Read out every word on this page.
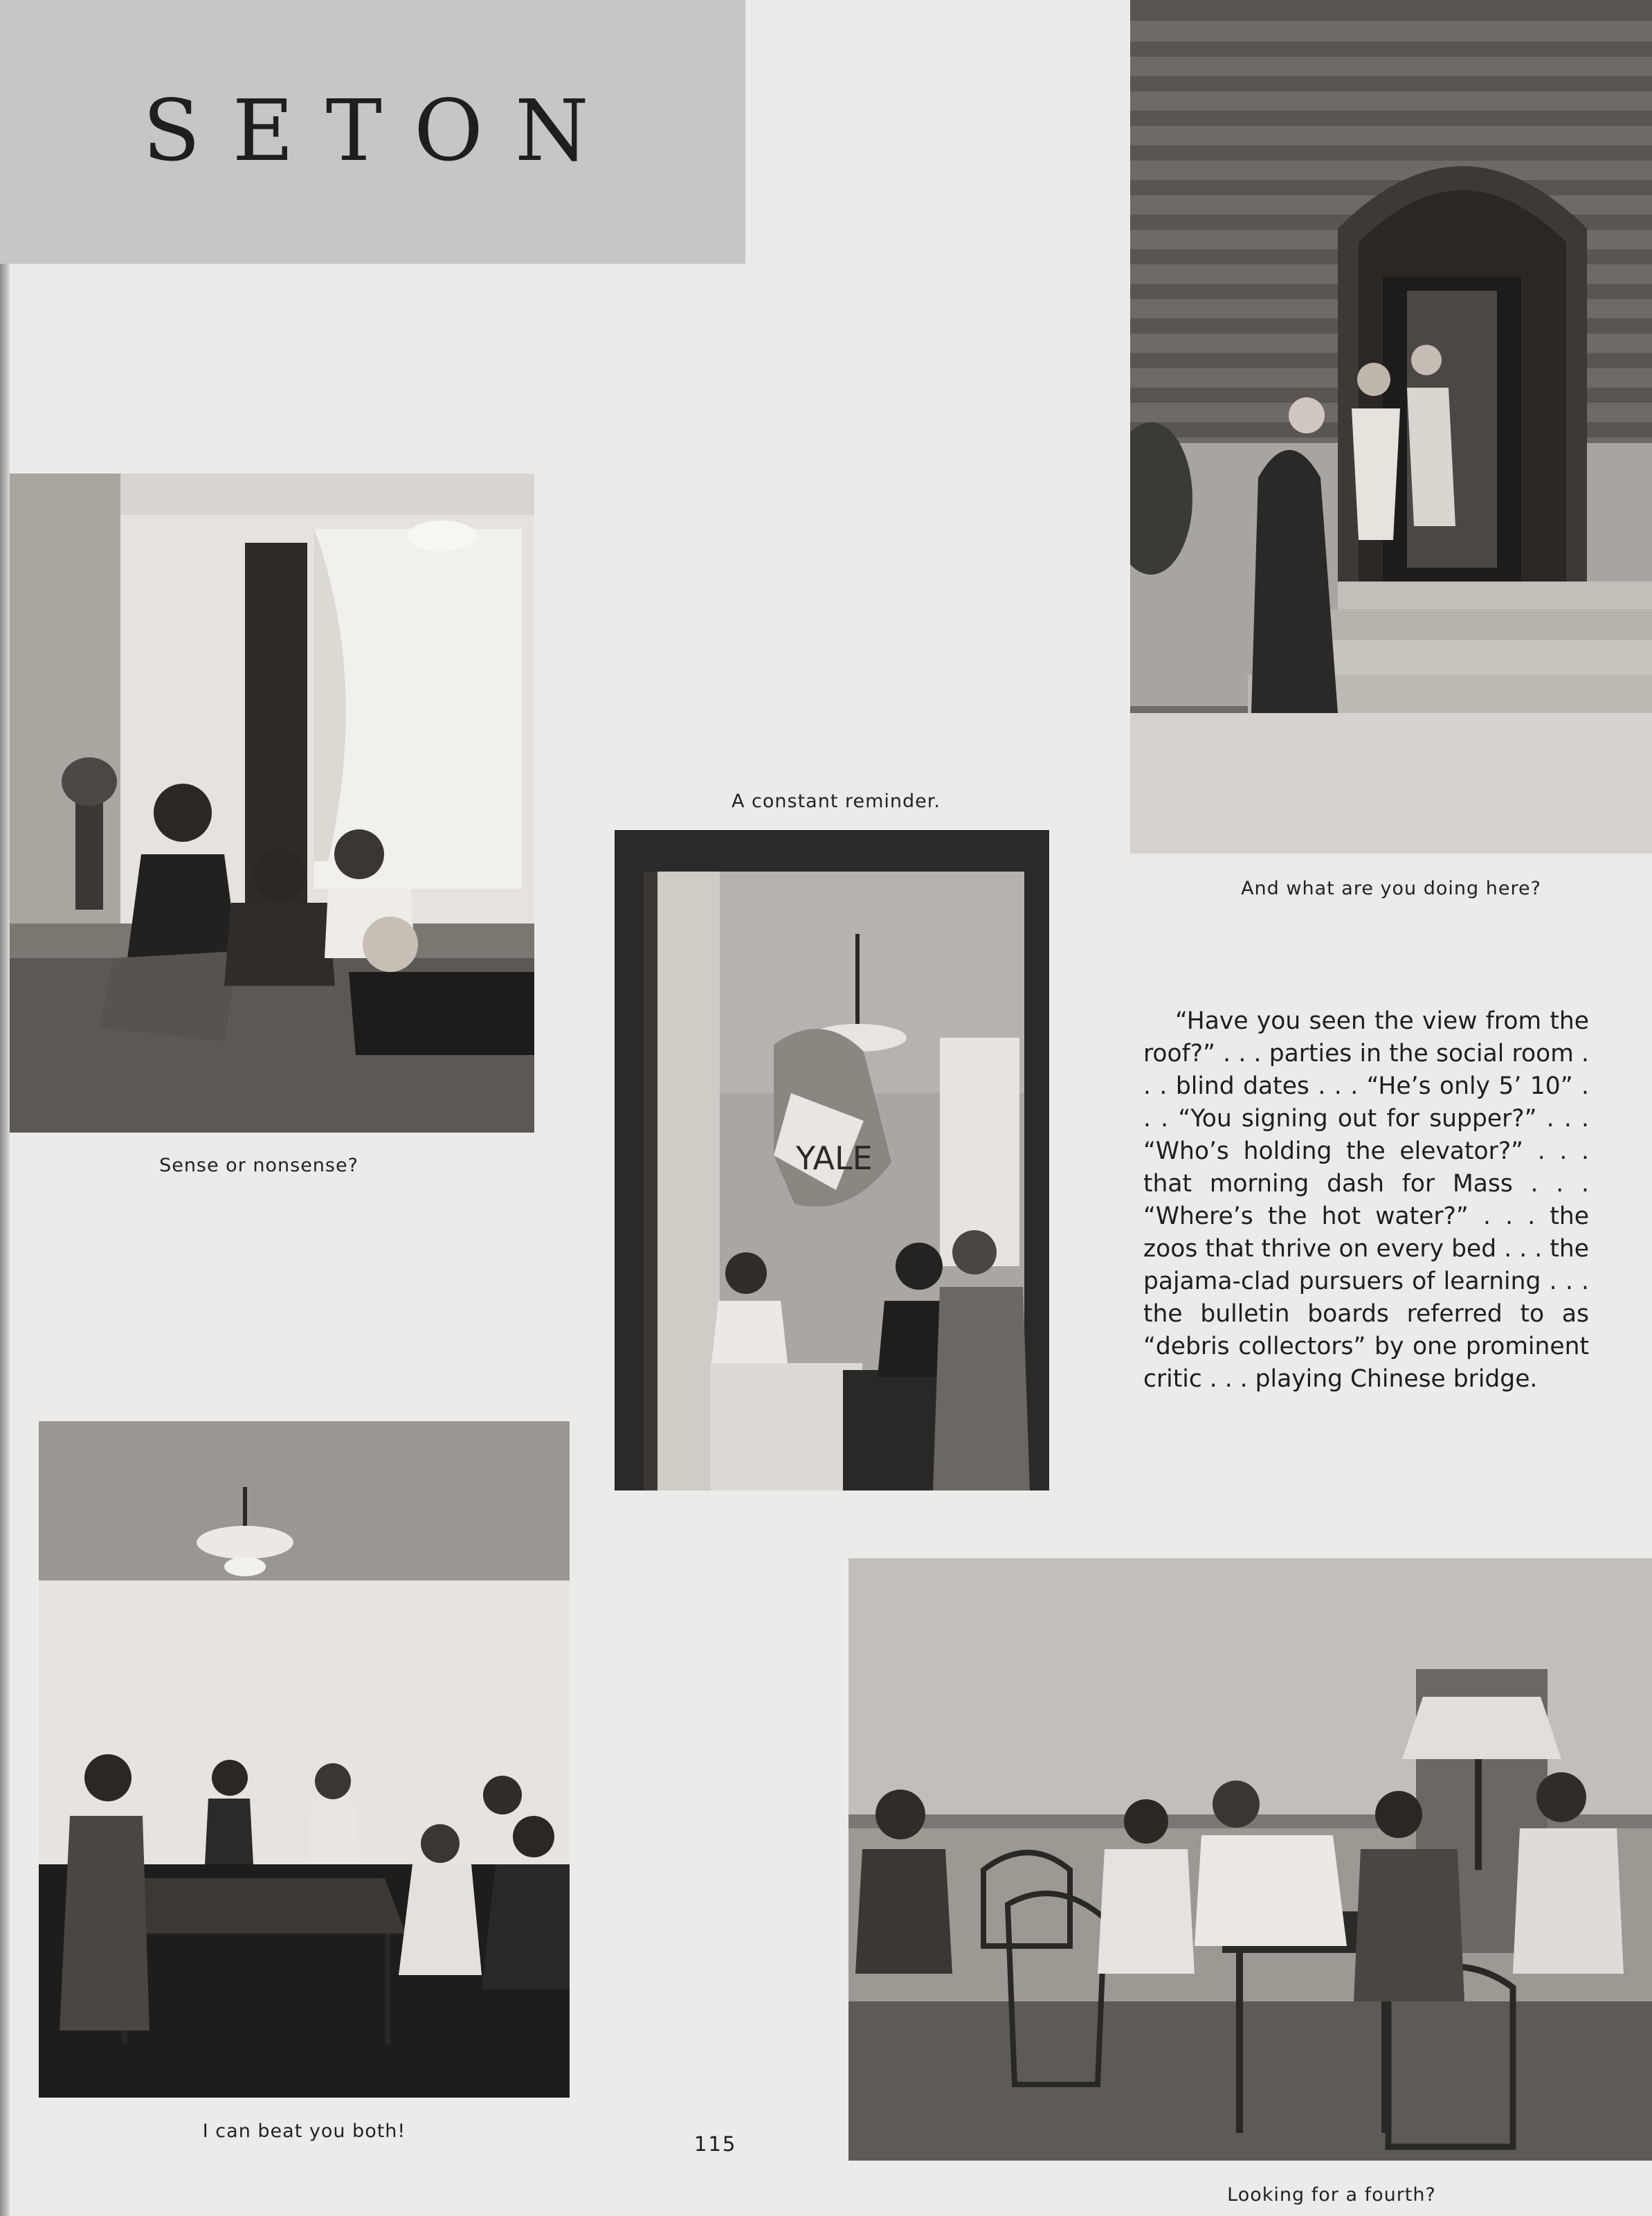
SETON
And what are you doing here?
Sense or nonsense?
A constant reminder.
YALE
“Have you seen the view from the roof?” . . . parties in the social room . . . blind dates . . . “He’s only 5’ 10” . . . “You signing out for supper?” . . . “Who’s holding the elevator?” . . . that morning dash for Mass . . . “Where’s the hot water?” . . . the zoos that thrive on every bed . . . the pajama-clad pursuers of learning . . . the bulletin boards referred to as “debris collectors” by one prominent critic . . . playing Chinese bridge.
I can beat you both!
115
Looking for a fourth?
